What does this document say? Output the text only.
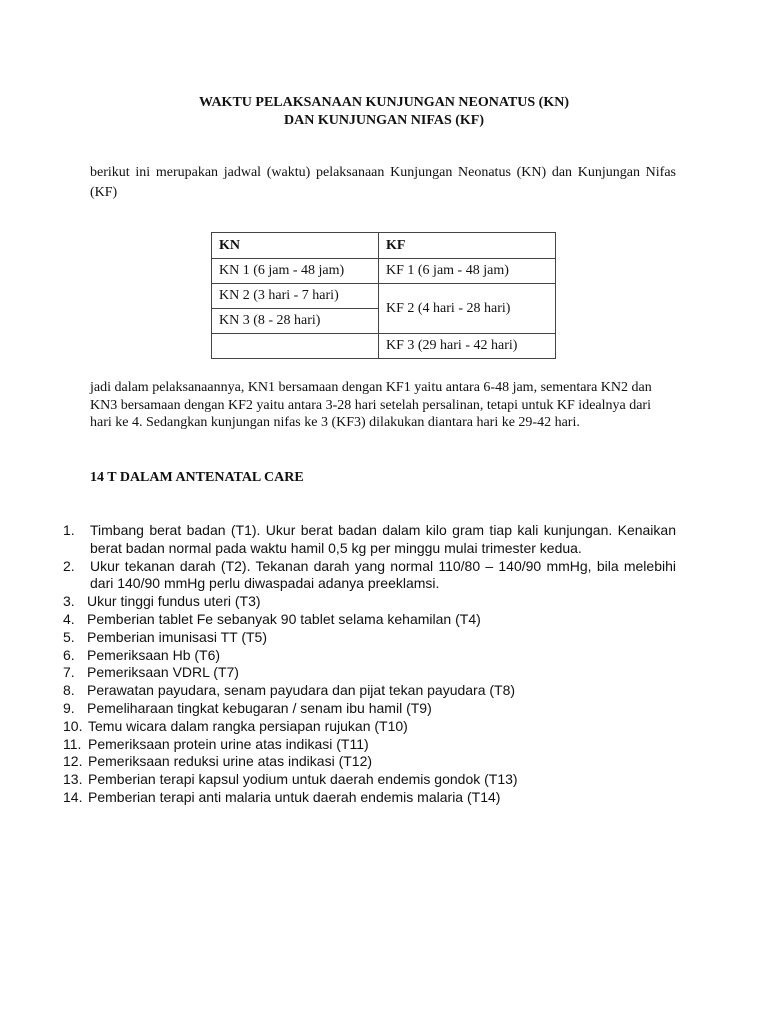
WAKTU PELAKSANAAN KUNJUNGAN NEONATUS (KN)
DAN KUNJUNGAN NIFAS (KF)
berikut ini merupakan jadwal (waktu) pelaksanaan Kunjungan Neonatus (KN) dan Kunjungan Nifas (KF)
KN	KF
KN 1 (6 jam - 48 jam)	KF 1 (6 jam - 48 jam)
KN 2 (3 hari - 7 hari)	KF 2 (4 hari - 28 hari)
KN 3 (8 - 28 hari)	
	KF 3 (29 hari - 42 hari)
jadi dalam pelaksanaannya, KN1 bersamaan dengan KF1 yaitu antara 6-48 jam, sementara KN2 dan KN3 bersamaan dengan KF2 yaitu antara 3-28 hari setelah persalinan, tetapi untuk KF idealnya dari hari ke 4. Sedangkan kunjungan nifas ke 3 (KF3) dilakukan diantara hari ke 29-42 hari.
14 T DALAM ANTENATAL CARE
1. Timbang berat badan (T1). Ukur berat badan dalam kilo gram tiap kali kunjungan. Kenaikan berat badan normal pada waktu hamil 0,5 kg per minggu mulai trimester kedua.
2. Ukur tekanan darah (T2). Tekanan darah yang normal 110/80 – 140/90 mmHg, bila melebihi dari 140/90 mmHg perlu diwaspadai adanya preeklamsi.
3. Ukur tinggi fundus uteri (T3)
4. Pemberian tablet Fe sebanyak 90 tablet selama kehamilan (T4)
5. Pemberian imunisasi TT (T5)
6. Pemeriksaan Hb (T6)
7. Pemeriksaan VDRL (T7)
8. Perawatan payudara, senam payudara dan pijat tekan payudara (T8)
9. Pemeliharaan tingkat kebugaran / senam ibu hamil (T9)
10. Temu wicara dalam rangka persiapan rujukan (T10)
11. Pemeriksaan protein urine atas indikasi (T11)
12. Pemeriksaan reduksi urine atas indikasi (T12)
13. Pemberian terapi kapsul yodium untuk daerah endemis gondok (T13)
14. Pemberian terapi anti malaria untuk daerah endemis malaria (T14)
